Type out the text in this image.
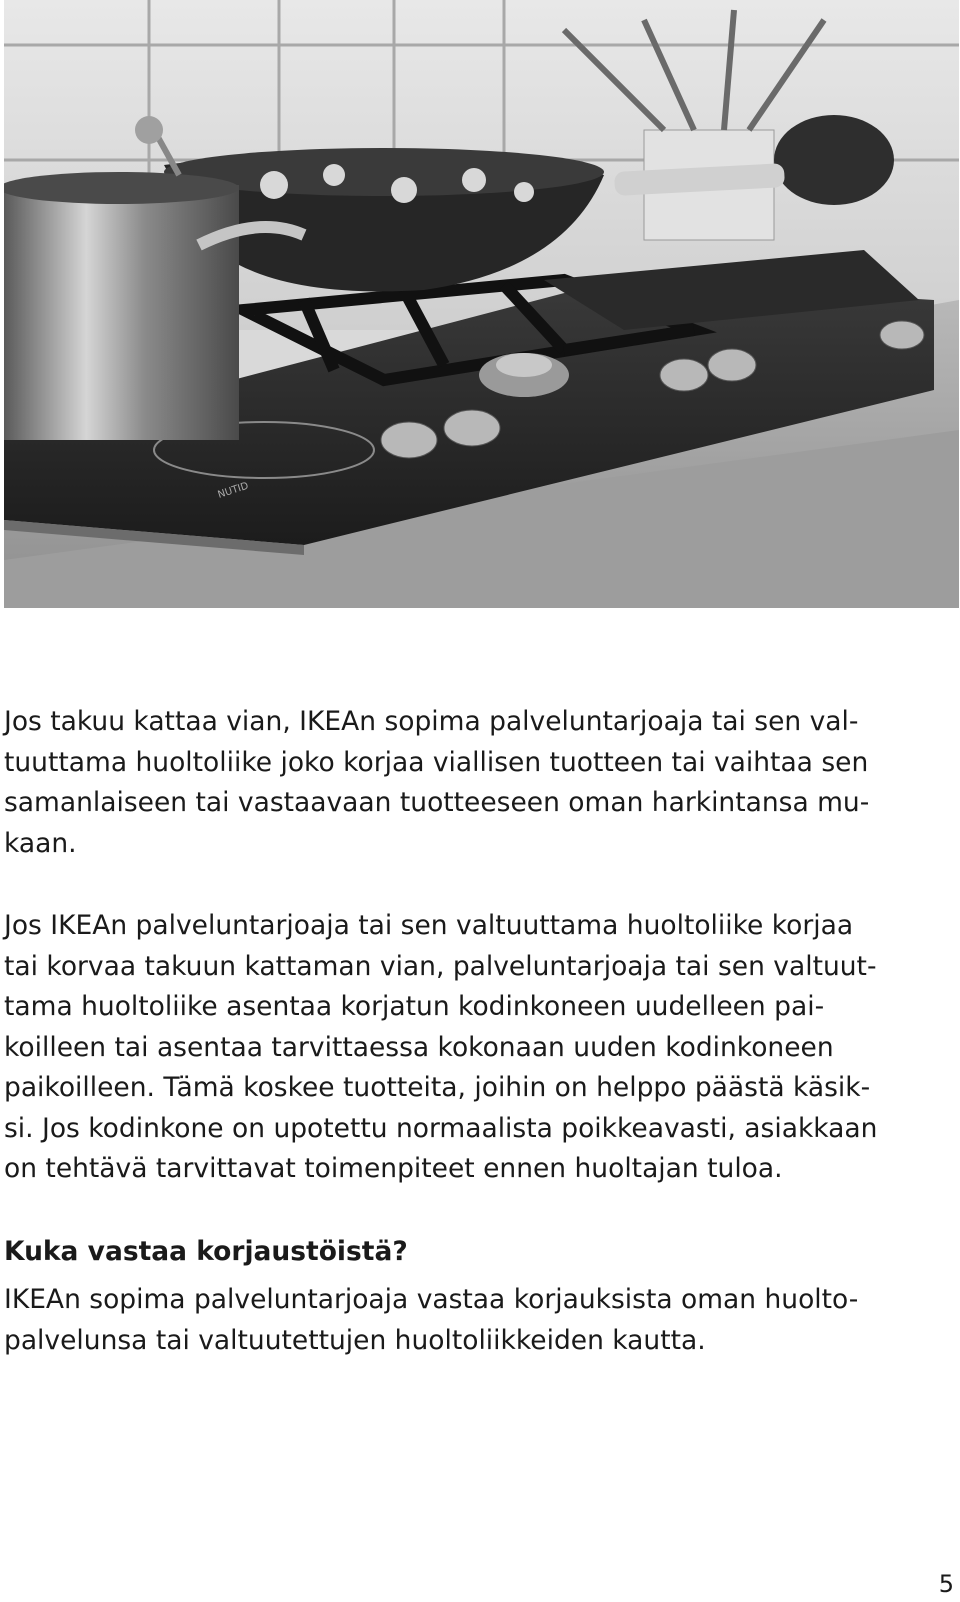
NUTID

Jos takuu kattaa vian, IKEAn sopima palveluntarjoaja tai sen val-
tuuttama huoltoliike joko korjaa viallisen tuotteen tai vaihtaa sen
samanlaiseen tai vastaavaan tuotteeseen oman harkintansa mu-
kaan.

Jos IKEAn palveluntarjoaja tai sen valtuuttama huoltoliike korjaa
tai korvaa takuun kattaman vian, palveluntarjoaja tai sen valtuut-
tama huoltoliike asentaa korjatun kodinkoneen uudelleen pai-
koilleen tai asentaa tarvittaessa kokonaan uuden kodinkoneen
paikoilleen. Tämä koskee tuotteita, joihin on helppo päästä käsik-
si. Jos kodinkone on upotettu normaalista poikkeavasti, asiakkaan
on tehtävä tarvittavat toimenpiteet ennen huoltajan tuloa.

Kuka vastaa korjaustöistä?

IKEAn sopima palveluntarjoaja vastaa korjauksista oman huolto-
palvelunsa tai valtuutettujen huoltoliikkeiden kautta.

5
